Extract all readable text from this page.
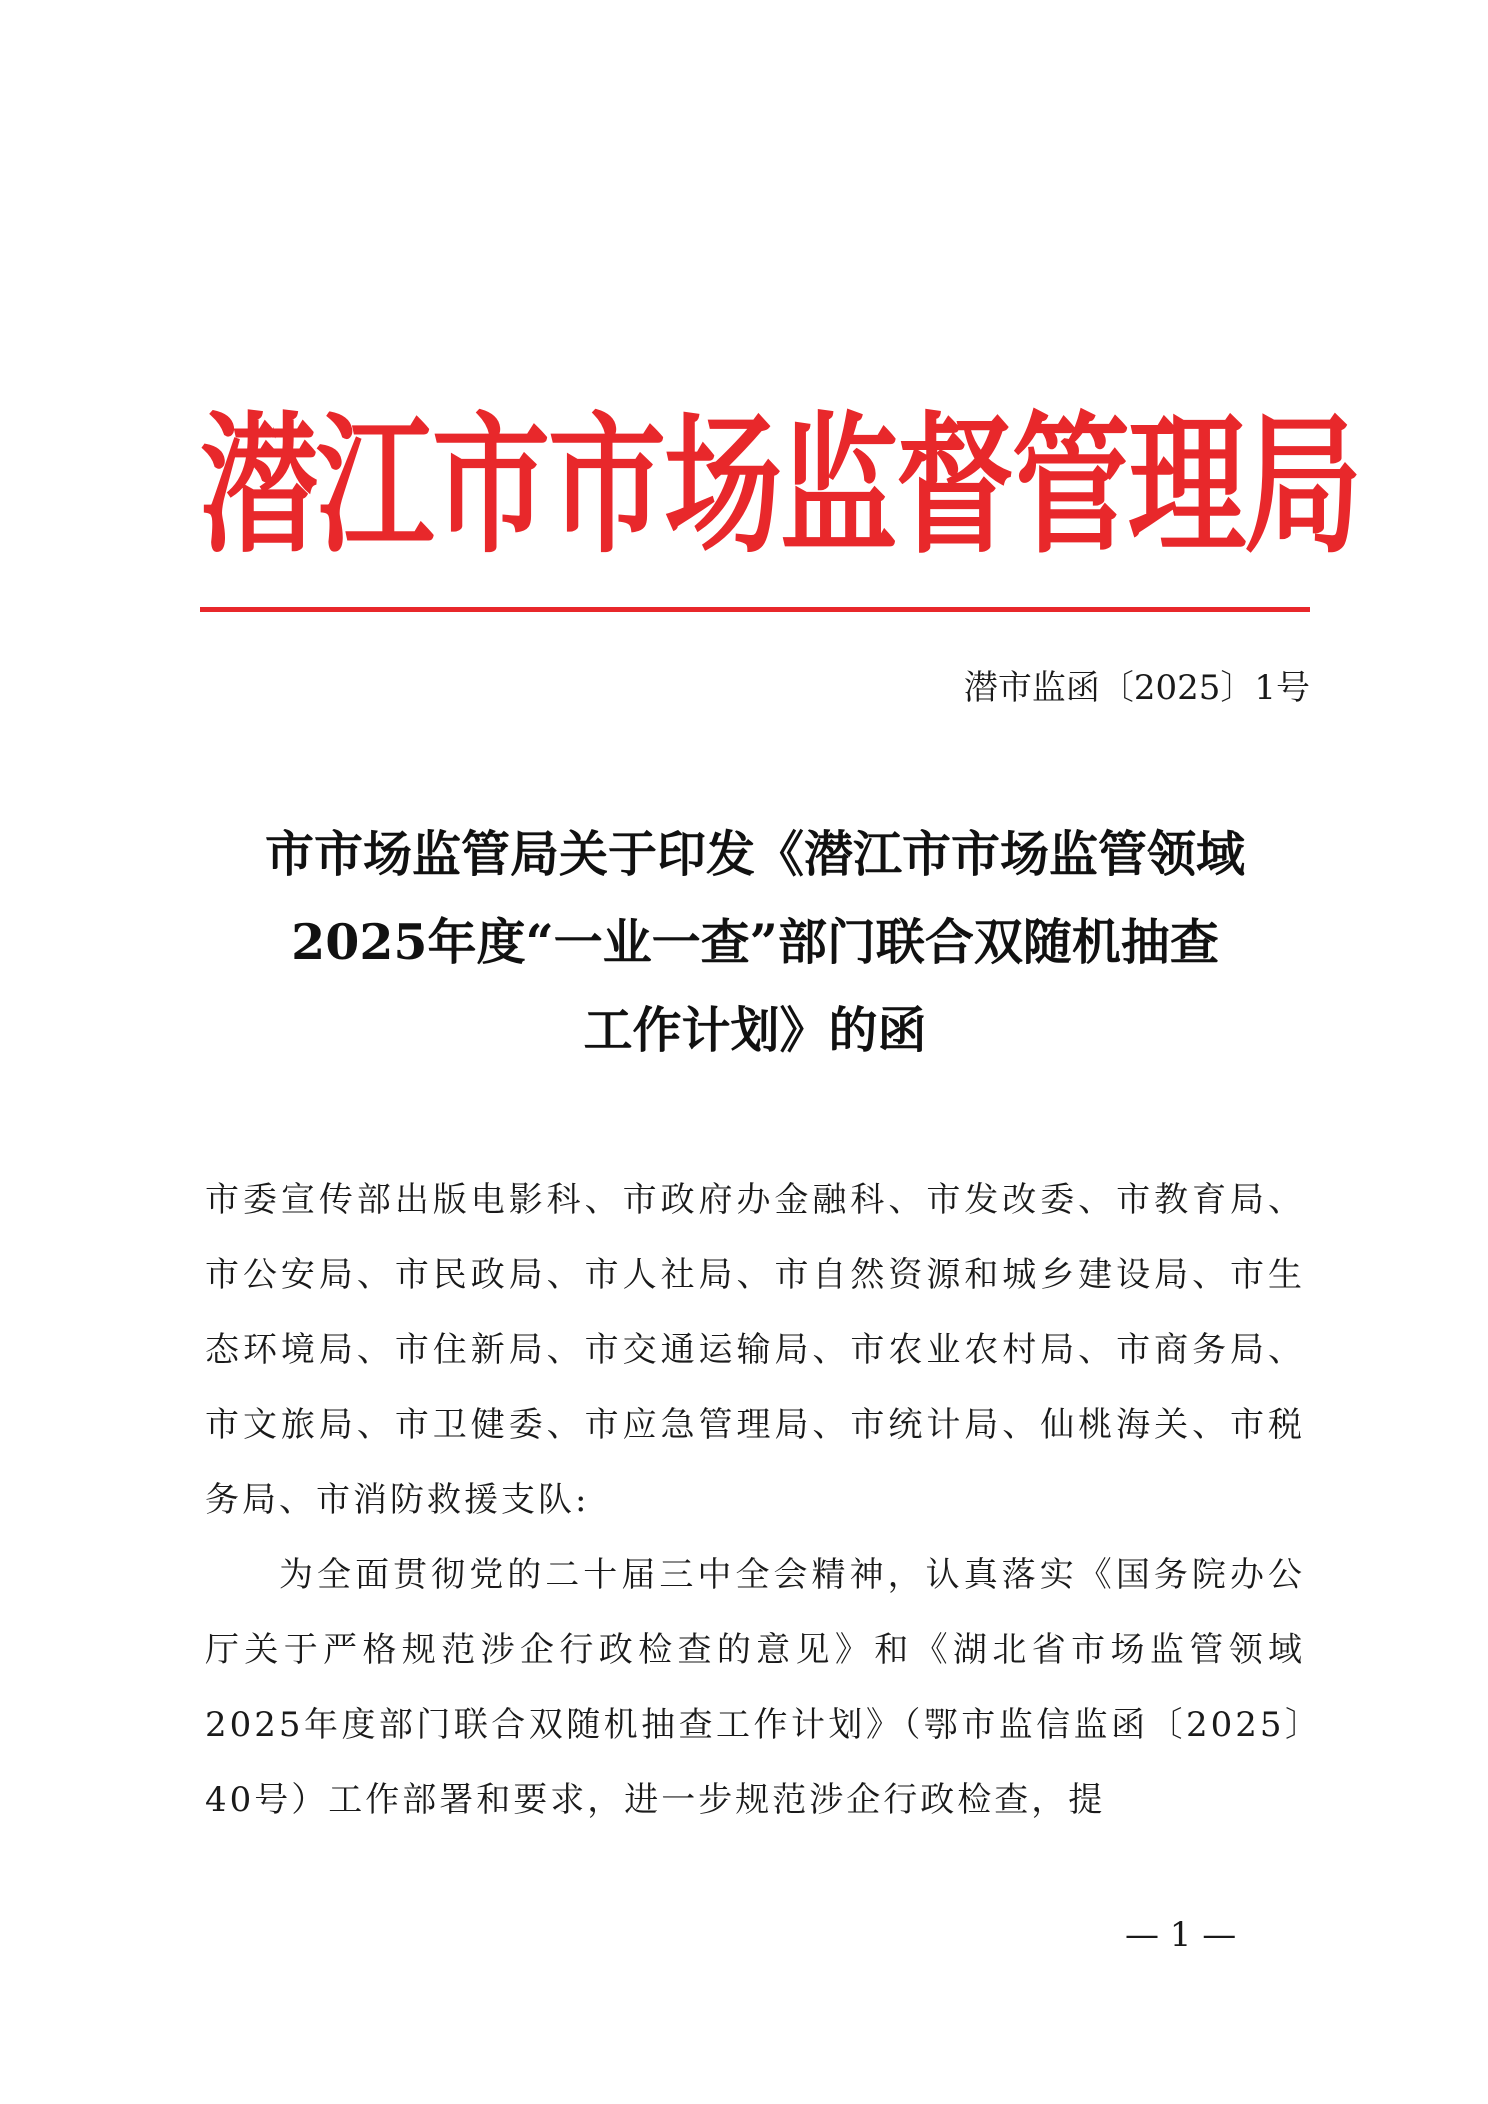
潜江市市场监督管理局
潜市监函〔2025〕1号
市市场监管局关于印发《潜江市市场监管领域
2025年度“一业一查”部门联合双随机抽查
工作计划》的函

市委宣传部出版电影科、市政府办金融科、市发改委、市教育局、市公安局、市民政局、市人社局、市自然资源和城乡建设局、市生态环境局、市住新局、市交通运输局、市农业农村局、市商务局、市文旅局、市卫健委、市应急管理局、市统计局、仙桃海关、市税务局、市消防救援支队:

为全面贯彻党的二十届三中全会精神，认真落实《国务院办公厅关于严格规范涉企行政检查的意见》和《湖北省市场监管领域2025年度部门联合双随机抽查工作计划》（鄂市监信监函〔2025〕40号）工作部署和要求，进一步规范涉企行政检查，提

— 1 —
